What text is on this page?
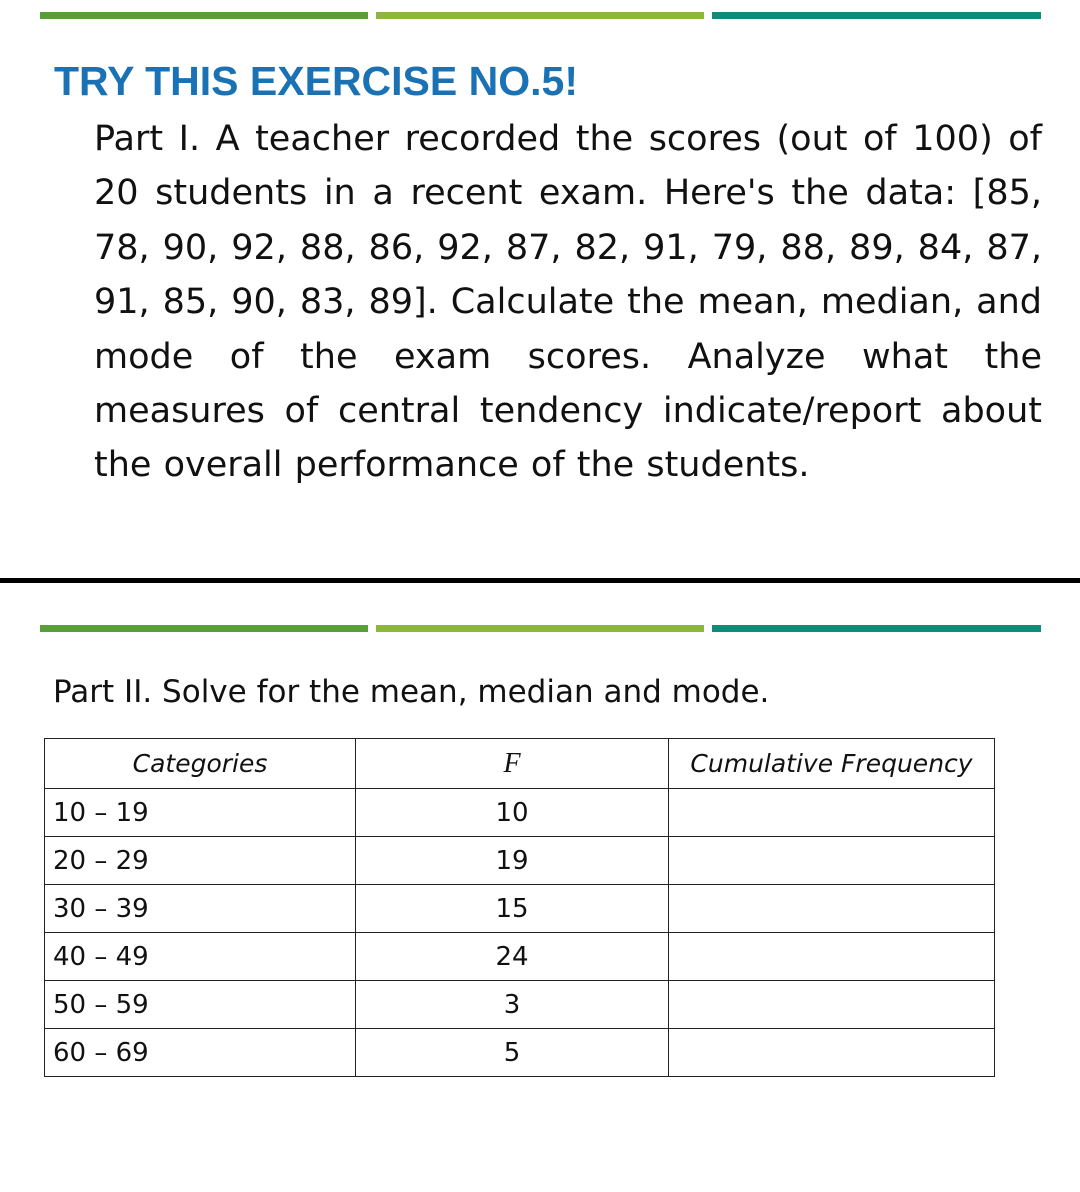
TRY THIS EXERCISE NO.5!

Part I. A teacher recorded the scores (out of 100) of 20 students in a recent exam. Here's the data: [85, 78, 90, 92, 88, 86, 92, 87, 82, 91, 79, 88, 89, 84, 87, 91, 85, 90, 83, 89]. Calculate the mean, median, and mode of the exam scores. Analyze what the measures of central tendency indicate/report about the overall performance of the students.

Part II. Solve for the mean, median and mode.

Categories	F	Cumulative Frequency
10 – 19	10	
20 – 29	19	
30 – 39	15	
40 – 49	24	
50 – 59	3	
60 – 69	5	
